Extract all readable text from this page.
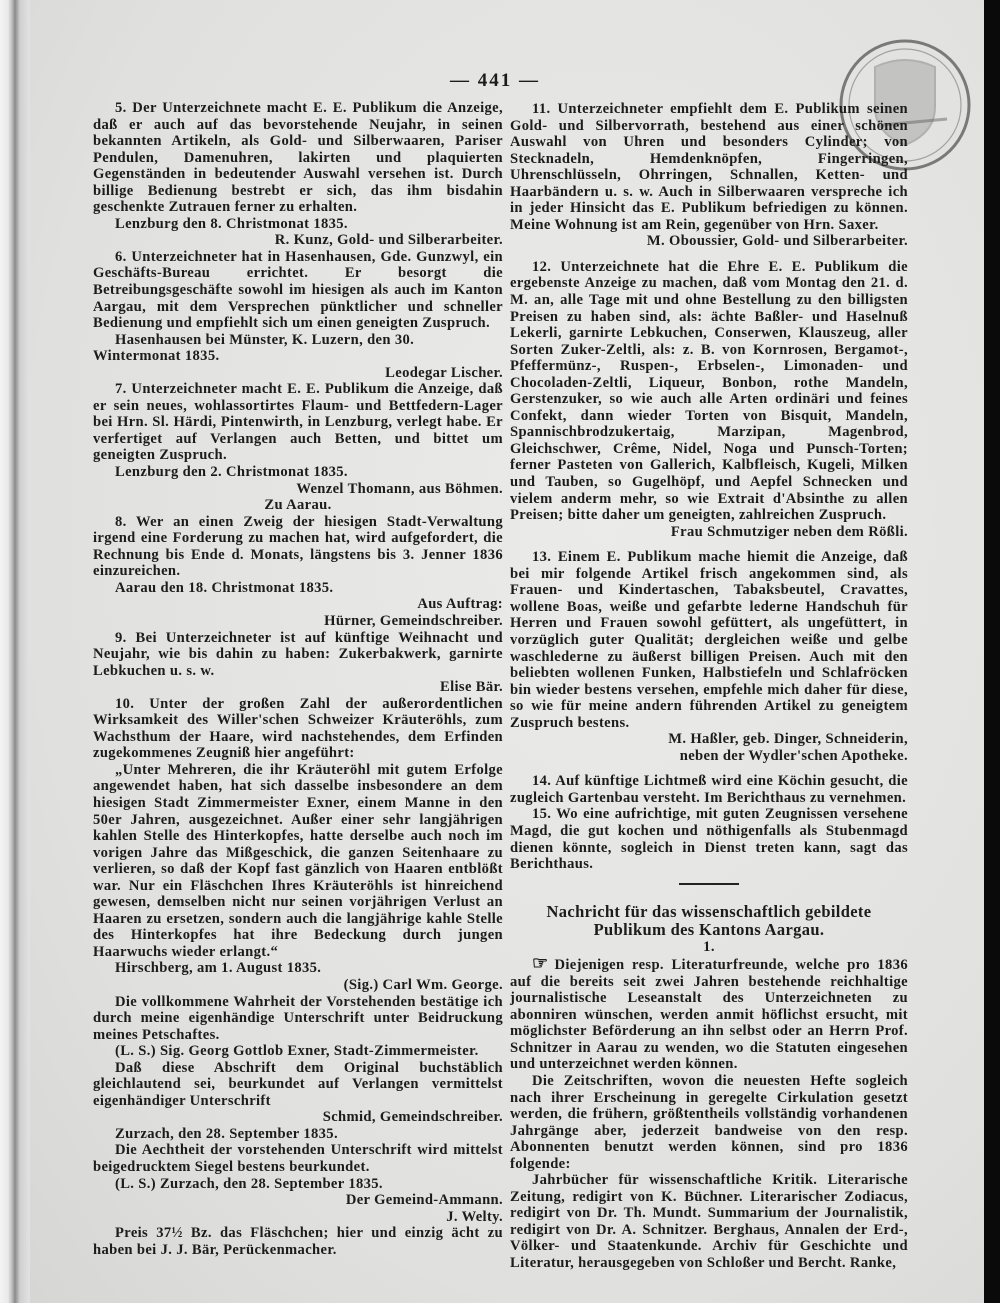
— 441 —

5. Der Unterzeichnete macht E. E. Publikum die Anzeige, daß er auch auf das bevorstehende Neujahr, in seinen bekannten Artikeln, als Gold- und Silberwaaren, Pariser Pendulen, Damenuhren, lakirten und plaquierten Gegenständen in bedeutender Auswahl versehen ist. Durch billige Bedienung bestrebt er sich, das ihm bisdahin geschenkte Zutrauen ferner zu erhalten.

Lenzburg den 8. Christmonat 1835.

R. Kunz, Gold- und Silberarbeiter.

6. Unterzeichneter hat in Hasenhausen, Gde. Gunzwyl, ein Geschäfts-Bureau errichtet. Er besorgt die Betreibungsgeschäfte sowohl im hiesigen als auch im Kanton Aargau, mit dem Versprechen pünktlicher und schneller Bedienung und empfiehlt sich um einen geneigten Zuspruch.

Hasenhausen bei Münster, K. Luzern, den 30. Wintermonat 1835.

Leodegar Lischer.

7. Unterzeichneter macht E. E. Publikum die Anzeige, daß er sein neues, wohlassortirtes Flaum- und Bettfedern-Lager bei Hrn. Sl. Härdi, Pintenwirth, in Lenzburg, verlegt habe. Er verfertiget auf Verlangen auch Betten, und bittet um geneigten Zuspruch.

Lenzburg den 2. Christmonat 1835.

Wenzel Thomann, aus Böhmen.

Zu Aarau.

8. Wer an einen Zweig der hiesigen Stadt-Verwaltung irgend eine Forderung zu machen hat, wird aufgefordert, die Rechnung bis Ende d. Monats, längstens bis 3. Jenner 1836 einzureichen.

Aarau den 18. Christmonat 1835.

Aus Auftrag:

Hürner, Gemeindschreiber.

9. Bei Unterzeichneter ist auf künftige Weihnacht und Neujahr, wie bis dahin zu haben: Zukerbakwerk, garnirte Lebkuchen u. s. w.

Elise Bär.

10. Unter der großen Zahl der außerordentlichen Wirksamkeit des Willer'schen Schweizer Kräuteröhls, zum Wachsthum der Haare, wird nachstehendes, dem Erfinden zugekommenes Zeugniß hier angeführt:

„Unter Mehreren, die ihr Kräuteröhl mit gutem Erfolge angewendet haben, hat sich dasselbe insbesondere an dem hiesigen Stadt Zimmermeister Exner, einem Manne in den 50er Jahren, ausgezeichnet. Außer einer sehr langjährigen kahlen Stelle des Hinterkopfes, hatte derselbe auch noch im vorigen Jahre das Mißgeschick, die ganzen Seitenhaare zu verlieren, so daß der Kopf fast gänzlich von Haaren entblößt war. Nur ein Fläschchen Ihres Kräuteröhls ist hinreichend gewesen, demselben nicht nur seinen vorjährigen Verlust an Haaren zu ersetzen, sondern auch die langjährige kahle Stelle des Hinterkopfes hat ihre Bedeckung durch jungen Haarwuchs wieder erlangt.“

Hirschberg, am 1. August 1835.

(Sig.) Carl Wm. George.

Die vollkommene Wahrheit der Vorstehenden bestätige ich durch meine eigenhändige Unterschrift unter Beidruckung meines Petschaftes.

(L. S.) Sig. Georg Gottlob Exner, Stadt-Zimmermeister.

Daß diese Abschrift dem Original buchstäblich gleichlautend sei, beurkundet auf Verlangen vermittelst eigenhändiger Unterschrift

Schmid, Gemeindschreiber.

Zurzach, den 28. September 1835.

Die Aechtheit der vorstehenden Unterschrift wird mittelst beigedrucktem Siegel bestens beurkundet.

(L. S.) Zurzach, den 28. September 1835.

Der Gemeind-Ammann.

J. Welty.

Preis 37½ Bz. das Fläschchen; hier und einzig ächt zu haben bei J. J. Bär, Perückenmacher.

11. Unterzeichneter empfiehlt dem E. Publikum seinen Gold- und Silbervorrath, bestehend aus einer schönen Auswahl von Uhren und besonders Cylinder; von Stecknadeln, Hemdenknöpfen, Fingerringen, Uhrenschlüsseln, Ohrringen, Schnallen, Ketten- und Haarbändern u. s. w. Auch in Silberwaaren verspreche ich in jeder Hinsicht das E. Publikum befriedigen zu können. Meine Wohnung ist am Rein, gegenüber von Hrn. Saxer.

M. Oboussier, Gold- und Silberarbeiter.

12. Unterzeichnete hat die Ehre E. E. Publikum die ergebenste Anzeige zu machen, daß vom Montag den 21. d. M. an, alle Tage mit und ohne Bestellung zu den billigsten Preisen zu haben sind, als: ächte Baßler- und Haselnuß Lekerli, garnirte Lebkuchen, Conserwen, Klauszeug, aller Sorten Zuker-Zeltli, als: z. B. von Kornrosen, Bergamot-, Pfeffermünz-, Ruspen-, Erbselen-, Limonaden- und Chocoladen-Zeltli, Liqueur, Bonbon, rothe Mandeln, Gerstenzuker, so wie auch alle Arten ordinäri und feines Confekt, dann wieder Torten von Bisquit, Mandeln, Spannischbrodzukertaig, Marzipan, Magenbrod, Gleichschwer, Crême, Nidel, Noga und Punsch-Torten; ferner Pasteten von Gallerich, Kalbfleisch, Kugeli, Milken und Tauben, so Gugelhöpf, und Aepfel Schnecken und vielem anderm mehr, so wie Extrait d'Absinthe zu allen Preisen; bitte daher um geneigten, zahlreichen Zuspruch.

Frau Schmutziger neben dem Rößli.

13. Einem E. Publikum mache hiemit die Anzeige, daß bei mir folgende Artikel frisch angekommen sind, als Frauen- und Kindertaschen, Tabaksbeutel, Cravattes, wollene Boas, weiße und gefarbte lederne Handschuh für Herren und Frauen sowohl gefüttert, als ungefüttert, in vorzüglich guter Qualität; dergleichen weiße und gelbe waschlederne zu äußerst billigen Preisen. Auch mit den beliebten wollenen Funken, Halbstiefeln und Schlafröcken bin wieder bestens versehen, empfehle mich daher für diese, so wie für meine andern führenden Artikel zu geneigtem Zuspruch bestens.

M. Haßler, geb. Dinger, Schneiderin,

neben der Wydler'schen Apotheke.

14. Auf künftige Lichtmeß wird eine Köchin gesucht, die zugleich Gartenbau versteht. Im Berichthaus zu vernehmen.

15. Wo eine aufrichtige, mit guten Zeugnissen versehene Magd, die gut kochen und nöthigenfalls als Stubenmagd dienen könnte, sogleich in Dienst treten kann, sagt das Berichthaus.

Nachricht für das wissenschaftlich gebildete Publikum des Kantons Aargau.

1.

☞ Diejenigen resp. Literaturfreunde, welche pro 1836 auf die bereits seit zwei Jahren bestehende reichhaltige journalistische Leseanstalt des Unterzeichneten zu abonniren wünschen, werden anmit höflichst ersucht, mit möglichster Beförderung an ihn selbst oder an Herrn Prof. Schnitzer in Aarau zu wenden, wo die Statuten eingesehen und unterzeichnet werden können.

Die Zeitschriften, wovon die neuesten Hefte sogleich nach ihrer Erscheinung in geregelte Cirkulation gesetzt werden, die frühern, größtentheils vollständig vorhandenen Jahrgänge aber, jederzeit bandweise von den resp. Abonnenten benutzt werden können, sind pro 1836 folgende:

Jahrbücher für wissenschaftliche Kritik. Literarische Zeitung, redigirt von K. Büchner. Literarischer Zodiacus, redigirt von Dr. Th. Mundt. Summarium der Journalistik, redigirt von Dr. A. Schnitzer. Berghaus, Annalen der Erd-, Völker- und Staatenkunde. Archiv für Geschichte und Literatur, herausgegeben von Schloßer und Bercht. Ranke,
